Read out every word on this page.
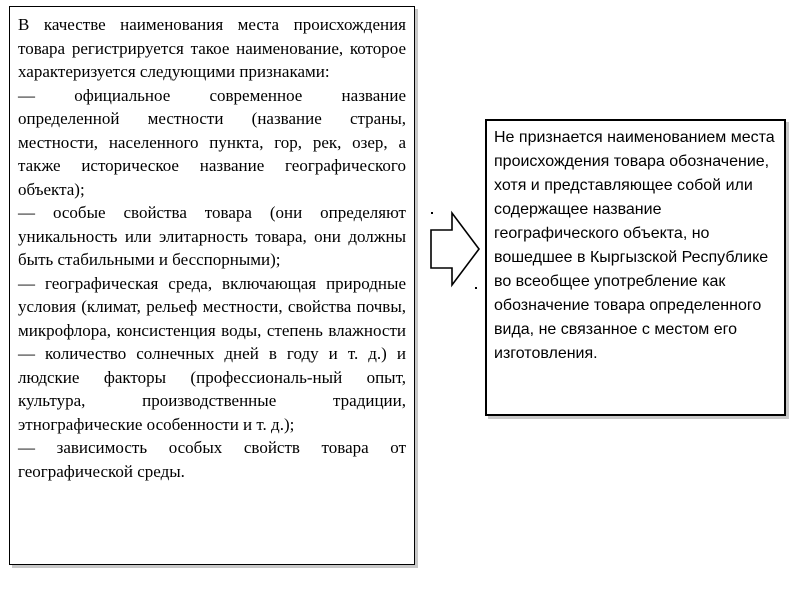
В качестве наименования места происхождения товара регистрируется такое наименование, которое характеризуется следующими признаками:

— официальное современное название определенной местности (название страны, местности, населенного пункта, гор, рек, озер, а также историческое название географического объекта);

— особые свойства товара (они определяют уникальность или элитарность товара, они должны быть стабильными и бесспорными);

— географическая среда, включающая природные условия (климат, рельеф местности, свойства почвы, микрофлора, консистенция воды, степень влажности — количество солнечных дней в году и т. д.) и людские факторы (профессиональ-ный опыт, культура, производственные традиции, этнографические особенности и т. д.);

— зависимость особых свойств товара от географической среды.

Не признается наименованием места происхождения товара обозначение, хотя и представляющее собой или содержащее название географического объекта, но вошедшее в Кыргызской Республике во всеобщее употребление как обозначение товара определенного вида, не связанное с местом его изготовления.
